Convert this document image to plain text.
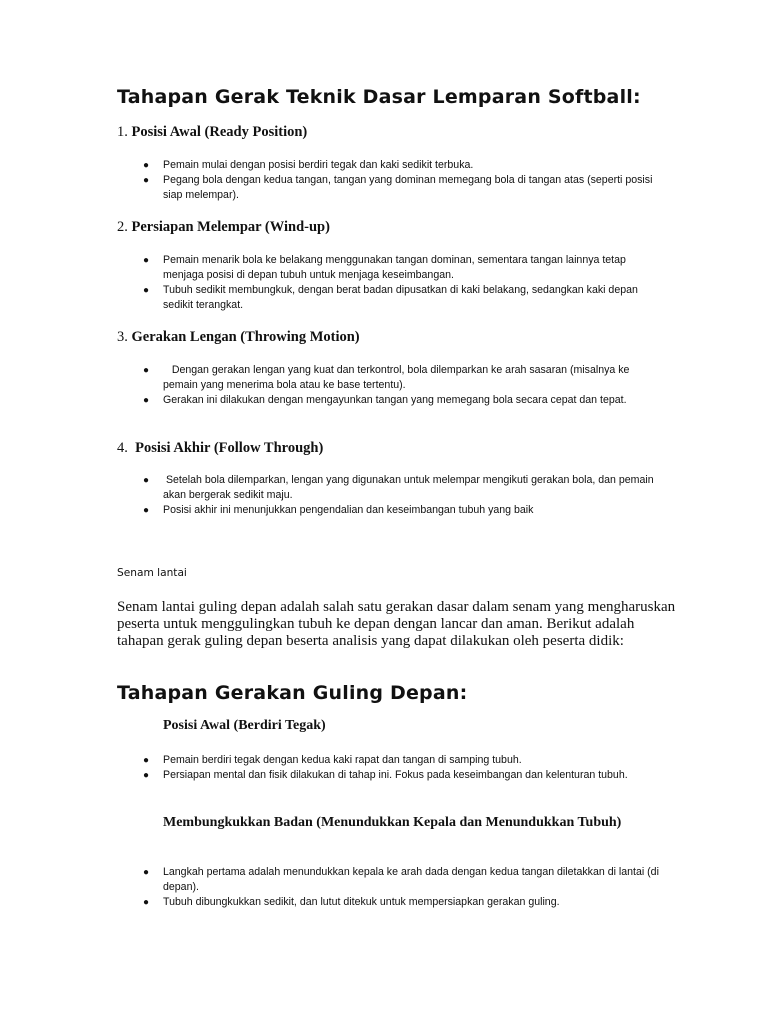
Tahapan Gerak Teknik Dasar Lemparan Softball:
1. Posisi Awal (Ready Position)
● Pemain mulai dengan posisi berdiri tegak dan kaki sedikit terbuka.
● Pegang bola dengan kedua tangan, tangan yang dominan memegang bola di tangan atas (seperti posisi siap melempar).
2. Persiapan Melempar (Wind-up)
● Pemain menarik bola ke belakang menggunakan tangan dominan, sementara tangan lainnya tetap menjaga posisi di depan tubuh untuk menjaga keseimbangan.
● Tubuh sedikit membungkuk, dengan berat badan dipusatkan di kaki belakang, sedangkan kaki depan sedikit terangkat.
3. Gerakan Lengan (Throwing Motion)
● Dengan gerakan lengan yang kuat dan terkontrol, bola dilemparkan ke arah sasaran (misalnya ke pemain yang menerima bola atau ke base tertentu).
● Gerakan ini dilakukan dengan mengayunkan tangan yang memegang bola secara cepat dan tepat.
4.  Posisi Akhir (Follow Through)
● Setelah bola dilemparkan, lengan yang digunakan untuk melempar mengikuti gerakan bola, dan pemain akan bergerak sedikit maju.
● Posisi akhir ini menunjukkan pengendalian dan keseimbangan tubuh yang baik
Senam lantai
Senam lantai guling depan adalah salah satu gerakan dasar dalam senam yang mengharuskan peserta untuk menggulingkan tubuh ke depan dengan lancar dan aman. Berikut adalah tahapan gerak guling depan beserta analisis yang dapat dilakukan oleh peserta didik:
Tahapan Gerakan Guling Depan:
Posisi Awal (Berdiri Tegak)
● Pemain berdiri tegak dengan kedua kaki rapat dan tangan di samping tubuh.
● Persiapan mental dan fisik dilakukan di tahap ini. Fokus pada keseimbangan dan kelenturan tubuh.
Membungkukkan Badan (Menundukkan Kepala dan Menundukkan Tubuh)
● Langkah pertama adalah menundukkan kepala ke arah dada dengan kedua tangan diletakkan di lantai (di depan).
● Tubuh dibungkukkan sedikit, dan lutut ditekuk untuk mempersiapkan gerakan guling.
